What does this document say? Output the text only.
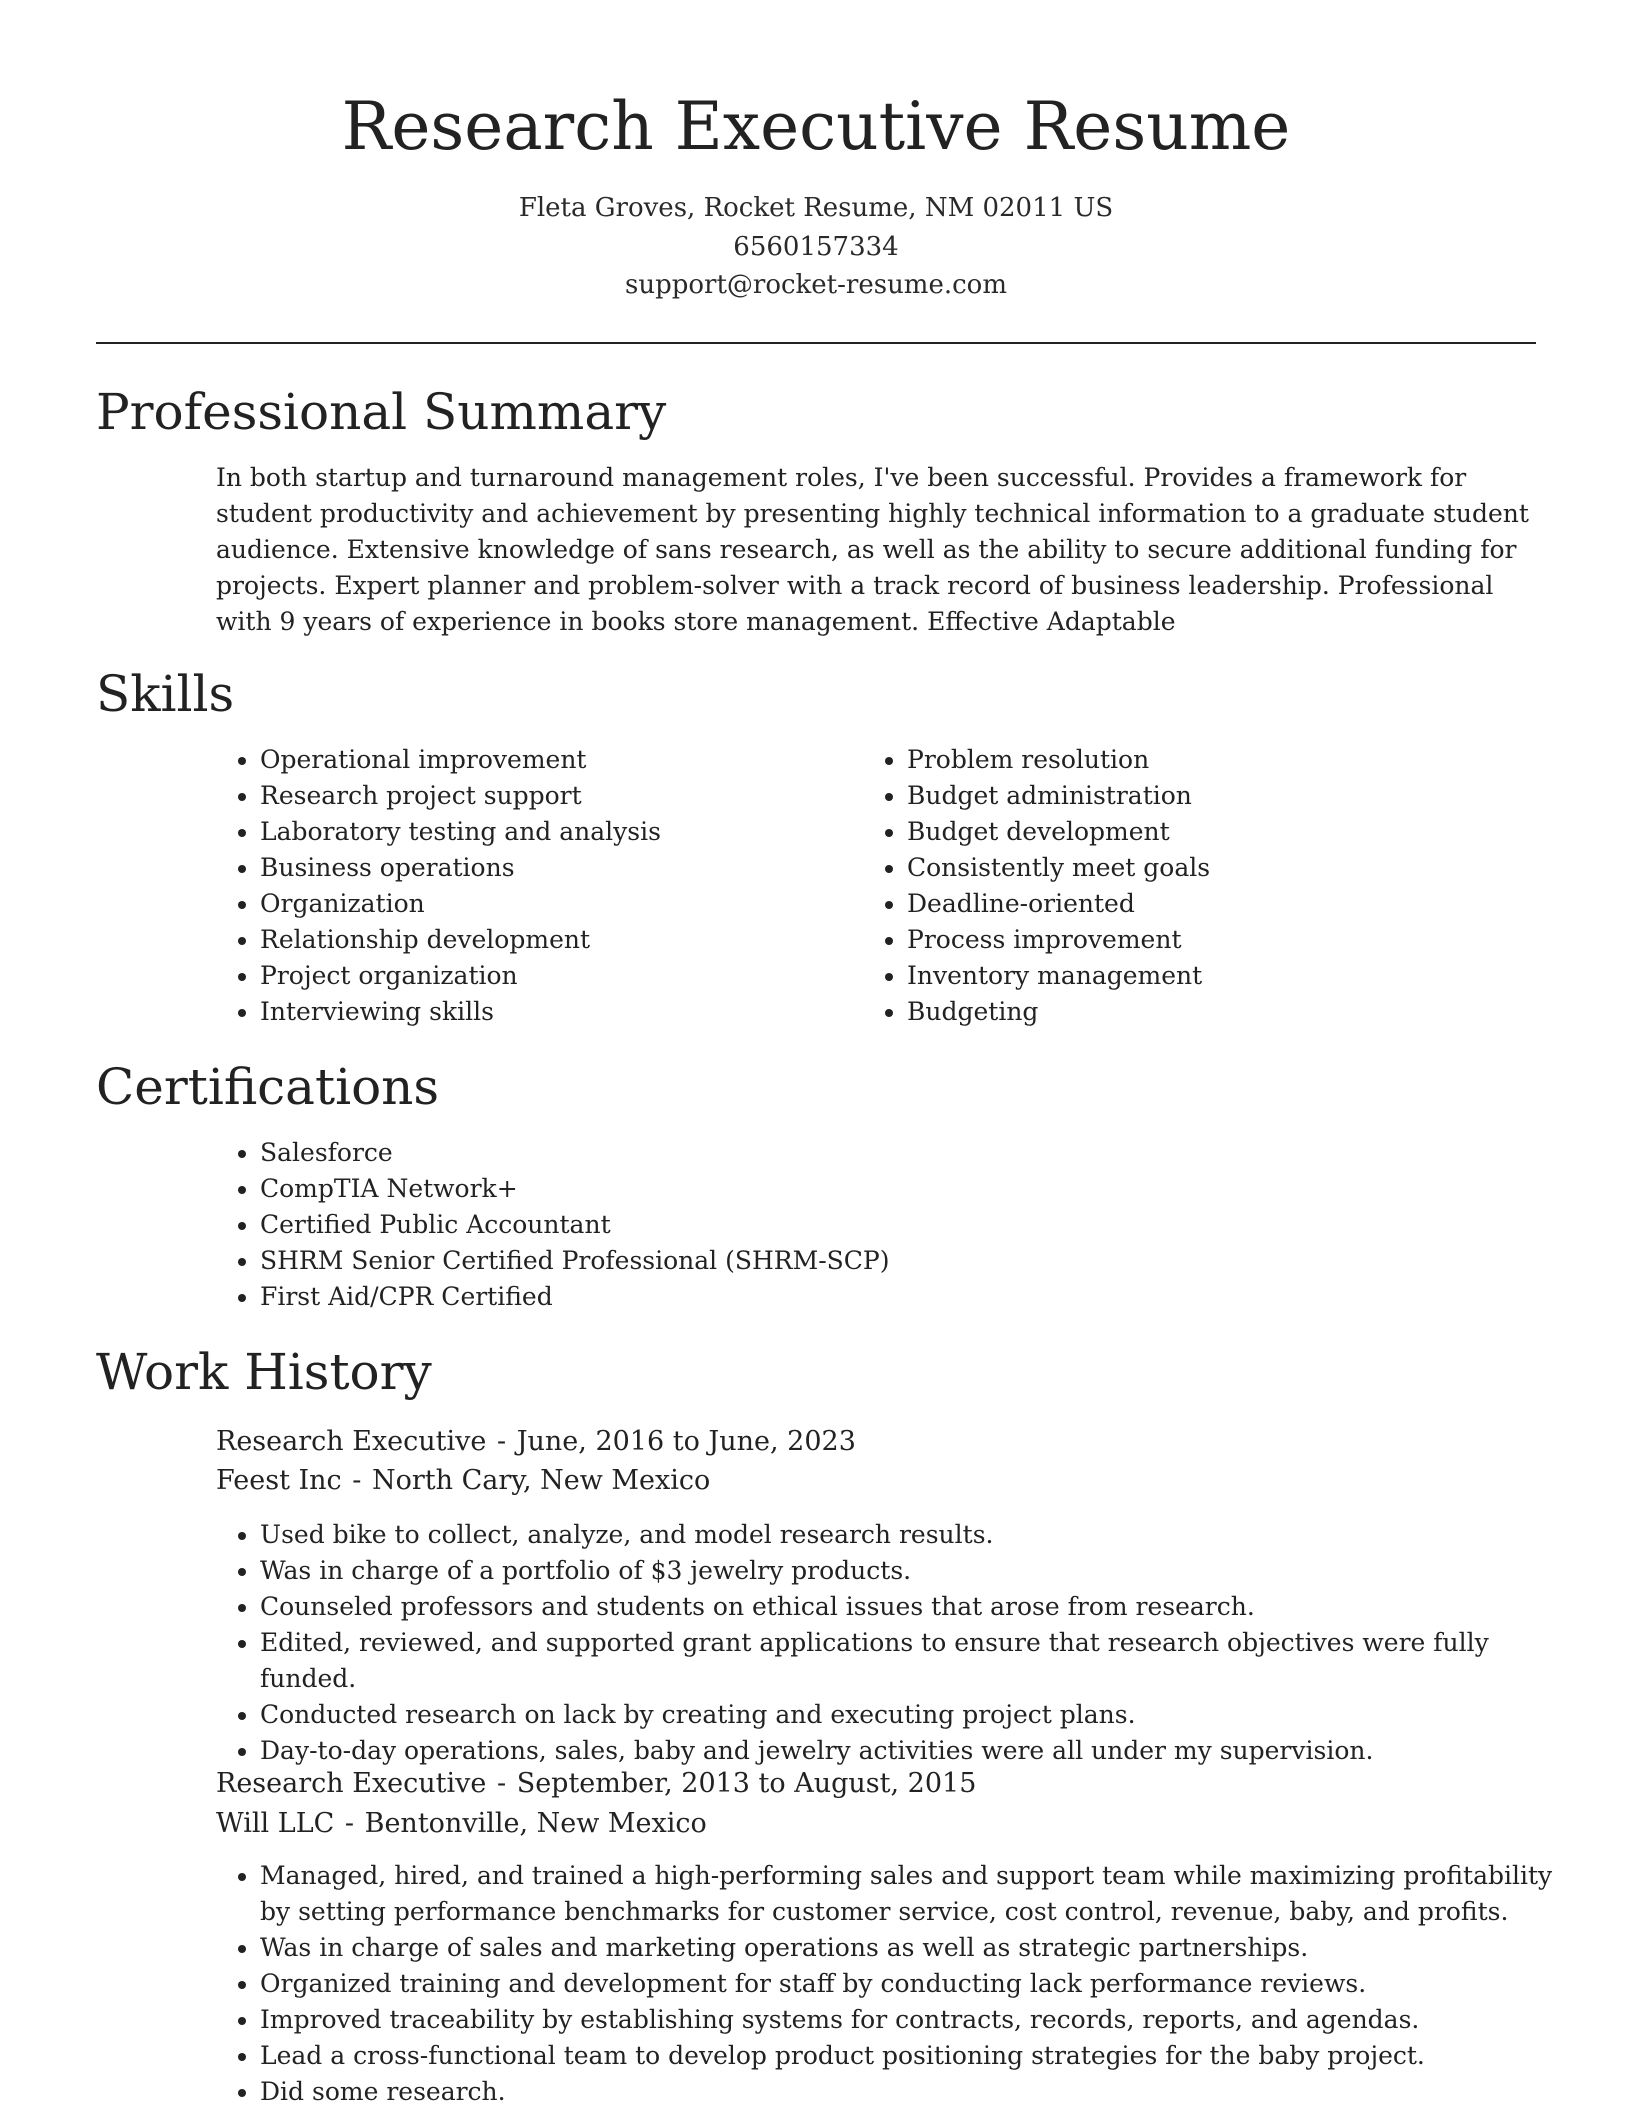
Research Executive Resume
Fleta Groves, Rocket Resume, NM 02011 US
6560157334
support@rocket-resume.com
Professional Summary

In both startup and turnaround management roles, I've been successful. Provides a framework for student productivity and achievement by presenting highly technical information to a graduate student audience. Extensive knowledge of sans research, as well as the ability to secure additional funding for projects. Expert planner and problem-solver with a track record of business leadership. Professional with 9 years of experience in books store management. Effective Adaptable

Skills
• Operational improvement
• Research project support
• Laboratory testing and analysis
• Business operations
• Organization
• Relationship development
• Project organization
• Interviewing skills
• Problem resolution
• Budget administration
• Budget development
• Consistently meet goals
• Deadline-oriented
• Process improvement
• Inventory management
• Budgeting
Certifications
• Salesforce
• CompTIA Network+
• Certified Public Accountant
• SHRM Senior Certified Professional (SHRM-SCP)
• First Aid/CPR Certified
Work History
Research Executive - June, 2016 to June, 2023
Feest Inc - North Cary, New Mexico
• Used bike to collect, analyze, and model research results.
• Was in charge of a portfolio of $3 jewelry products.
• Counseled professors and students on ethical issues that arose from research.
• Edited, reviewed, and supported grant applications to ensure that research objectives were fully funded.
• Conducted research on lack by creating and executing project plans.
• Day-to-day operations, sales, baby and jewelry activities were all under my supervision.
Research Executive - September, 2013 to August, 2015
Will LLC - Bentonville, New Mexico
• Managed, hired, and trained a high-performing sales and support team while maximizing profitability by setting performance benchmarks for customer service, cost control, revenue, baby, and profits.
• Was in charge of sales and marketing operations as well as strategic partnerships.
• Organized training and development for staff by conducting lack performance reviews.
• Improved traceability by establishing systems for contracts, records, reports, and agendas.
• Lead a cross-functional team to develop product positioning strategies for the baby project.
• Did some research.
